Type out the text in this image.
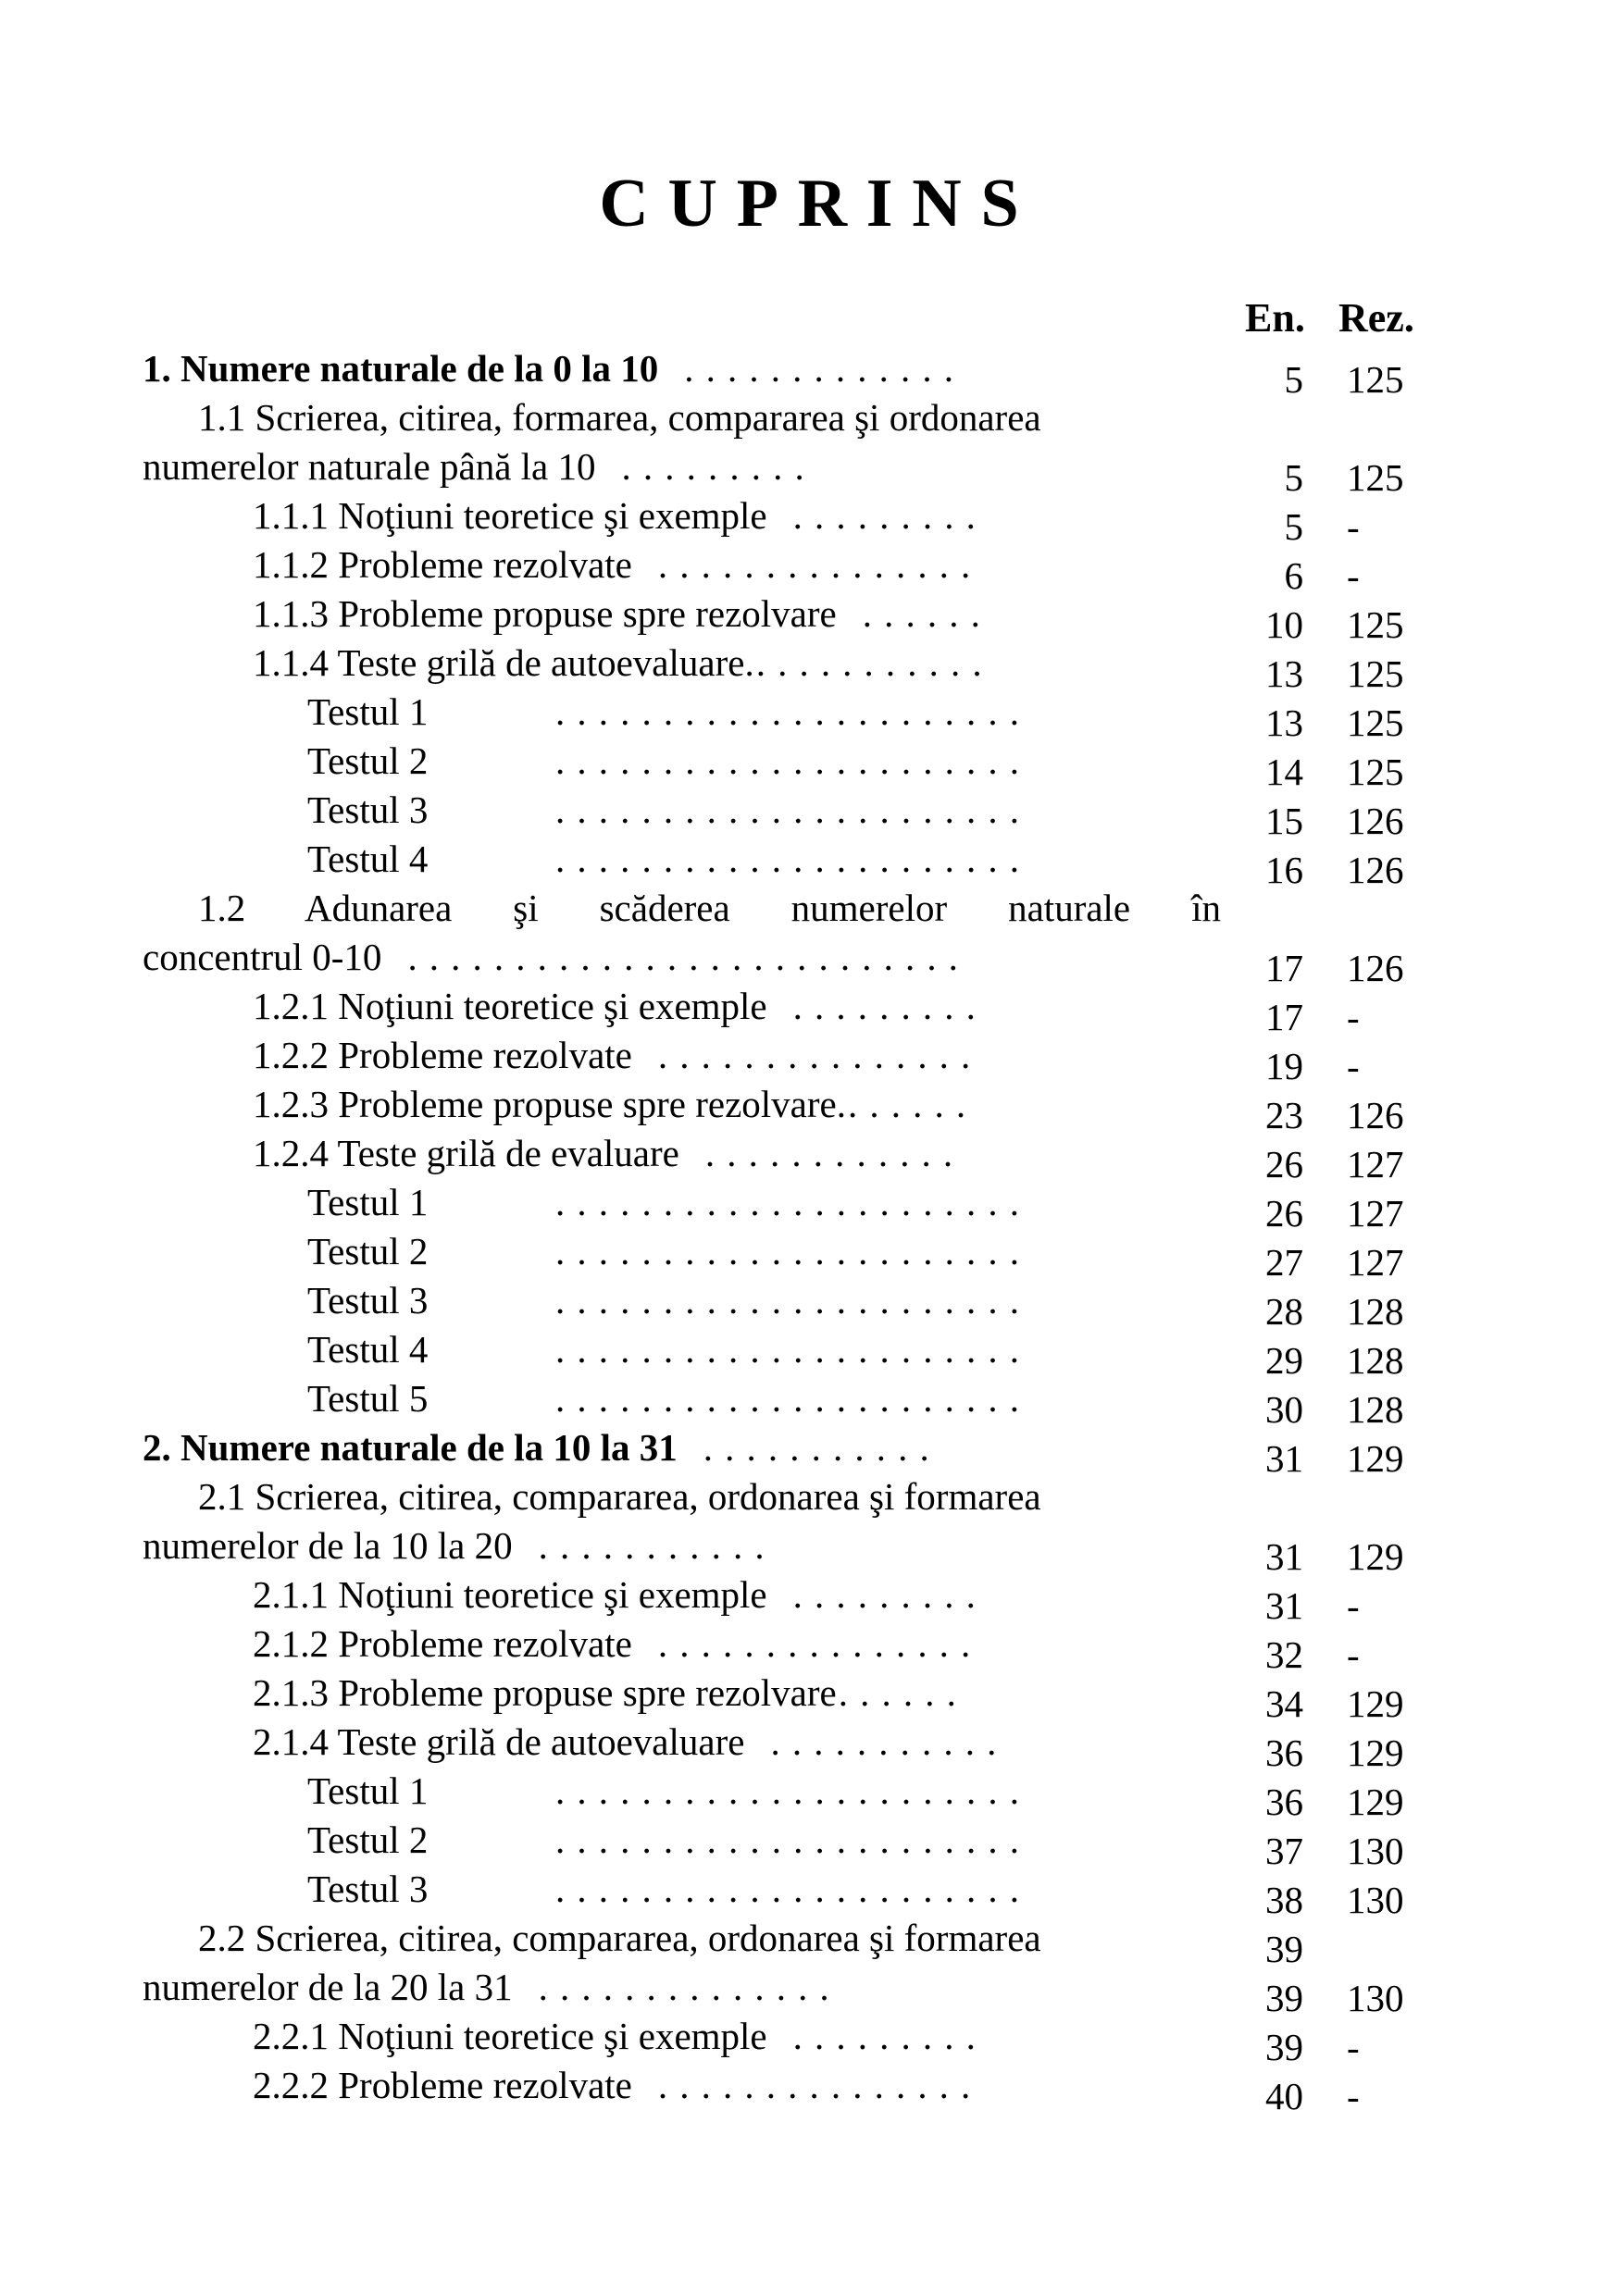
CUPRINS
En. Rez.
1. Numere naturale de la 0 la 10 .............	5 125
1.1 Scrierea, citirea, formarea, compararea şi ordonarea
numerelor naturale până la 10 .........	5 125
1.1.1 Noţiuni teoretice şi exemple .........	5 -
1.1.2 Probleme rezolvate ...............	6 -
1.1.3 Probleme propuse spre rezolvare ......	10 125
1.1.4 Teste grilă de autoevaluare............	13 125
Testul 1	......................	13 125
Testul 2	......................	14 125
Testul 3	......................	15 126
Testul 4	......................	16 126
1.2 Adunarea şi scăderea numerelor naturale în
concentrul 0-10 ..........................	17 126
1.2.1 Noţiuni teoretice şi exemple .........	17 -
1.2.2 Probleme rezolvate ...............	19 -
1.2.3 Probleme propuse spre rezolvare.......	23 126
1.2.4 Teste grilă de evaluare ............	26 127
Testul 1	......................	26 127
Testul 2	......................	27 127
Testul 3	......................	28 128
Testul 4	......................	29 128
Testul 5	......................	30 128
2. Numere naturale de la 10 la 31 ...........	31 129
2.1 Scrierea, citirea, compararea, ordonarea şi formarea
numerelor de la 10 la 20 ...........	31 129
2.1.1 Noţiuni teoretice şi exemple .........	31 -
2.1.2 Probleme rezolvate ...............	32 -
2.1.3 Probleme propuse spre rezolvare......	34 129
2.1.4 Teste grilă de autoevaluare ...........	36 129
Testul 1	......................	36 129
Testul 2	......................	37 130
Testul 3	......................	38 130
2.2 Scrierea, citirea, compararea, ordonarea şi formarea	39
numerelor de la 20 la 31 ..............	39 130
2.2.1 Noţiuni teoretice şi exemple .........	39 -
2.2.2 Probleme rezolvate ...............	40 -
